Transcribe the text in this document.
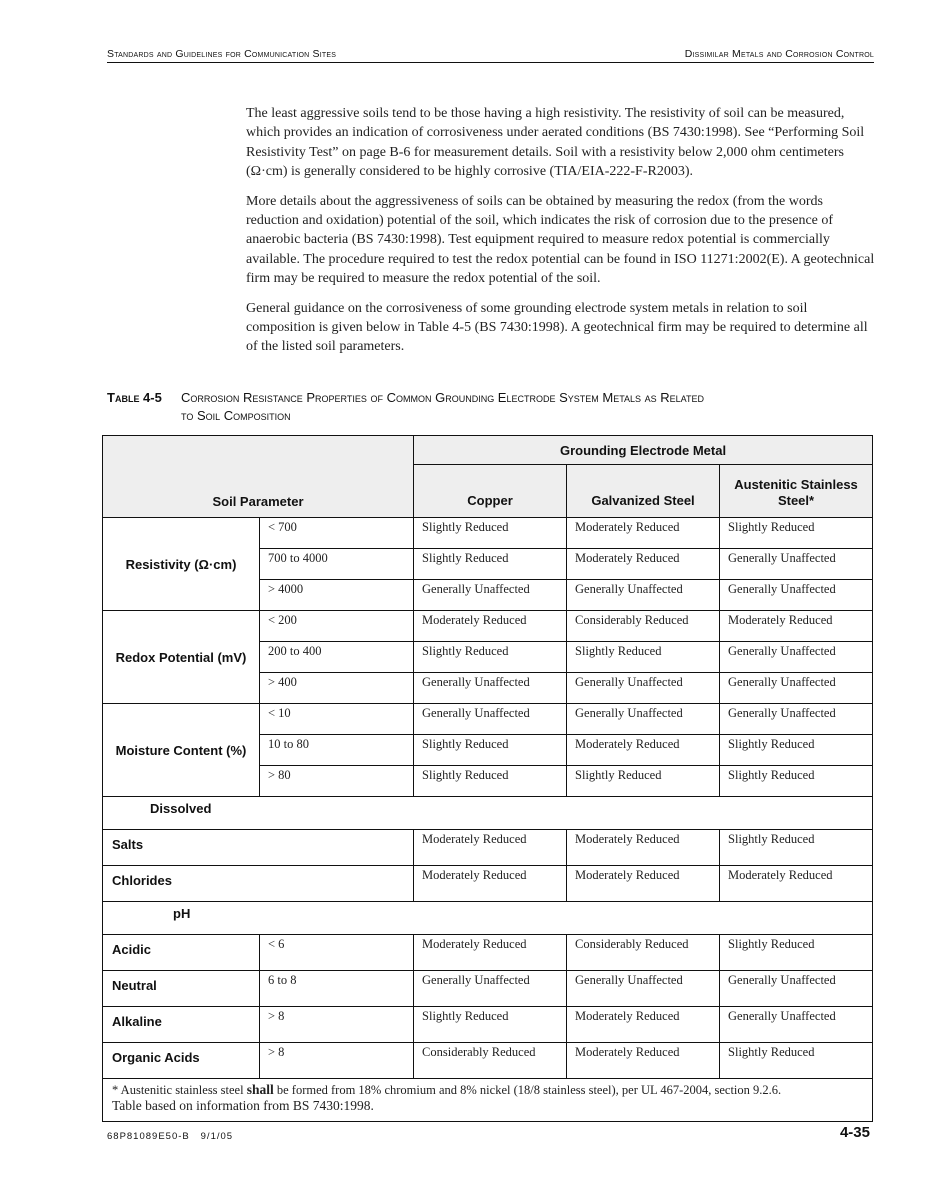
Standards and Guidelines for Communication Sites	Dissimilar Metals and Corrosion Control

The least aggressive soils tend to be those having a high resistivity. The resistivity of soil can be measured, which provides an indication of corrosiveness under aerated conditions (BS 7430:1998). See “Performing Soil Resistivity Test” on page B-6 for measurement details. Soil with a resistivity below 2,000 ohm centimeters (Ω·cm) is generally considered to be highly corrosive (TIA/EIA-222-F-R2003).

More details about the aggressiveness of soils can be obtained by measuring the redox (from the words reduction and oxidation) potential of the soil, which indicates the risk of corrosion due to the presence of anaerobic bacteria (BS 7430:1998). Test equipment required to measure redox potential is commercially available. The procedure required to test the redox potential can be found in ISO 11271:2002(E). A geotechnical firm may be required to measure the redox potential of the soil.

General guidance on the corrosiveness of some grounding electrode system metals in relation to soil composition is given below in Table 4-5 (BS 7430:1998). A geotechnical firm may be required to determine all of the listed soil parameters.

Table 4-5 Corrosion Resistance Properties of Common Grounding Electrode System Metals as Related
to Soil Composition
Soil Parameter		Grounding Electrode Metal		
		Copper	Galvanized Steel	Austenitic Stainless Steel*
Resistivity (Ω·cm)	< 700	Slightly Reduced	Moderately Reduced	Slightly Reduced
	700 to 4000	Slightly Reduced	Moderately Reduced	Generally Unaffected
	> 4000	Generally Unaffected	Generally Unaffected	Generally Unaffected
Redox Potential (mV)	< 200	Moderately Reduced	Considerably Reduced	Moderately Reduced
	200 to 400	Slightly Reduced	Slightly Reduced	Generally Unaffected
	> 400	Generally Unaffected	Generally Unaffected	Generally Unaffected
Moisture Content (%)	< 10	Generally Unaffected	Generally Unaffected	Generally Unaffected
	10 to 80	Slightly Reduced	Moderately Reduced	Slightly Reduced
	> 80	Slightly Reduced	Slightly Reduced	Slightly Reduced
Dissolved				
Salts		Moderately Reduced	Moderately Reduced	Slightly Reduced
Chlorides		Moderately Reduced	Moderately Reduced	Moderately Reduced
pH				
Acidic	< 6	Moderately Reduced	Considerably Reduced	Slightly Reduced
Neutral	6 to 8	Generally Unaffected	Generally Unaffected	Generally Unaffected
Alkaline	> 8	Slightly Reduced	Moderately Reduced	Generally Unaffected
Organic Acids	> 8	Considerably Reduced	Moderately Reduced	Slightly Reduced
* Austenitic stainless steel shall be formed from 18% chromium and 8% nickel (18/8 stainless steel), per UL 467-2004, section 9.2.6.
Table based on information from BS 7430:1998.				
68P81089E50-B   9/1/05	4-35
